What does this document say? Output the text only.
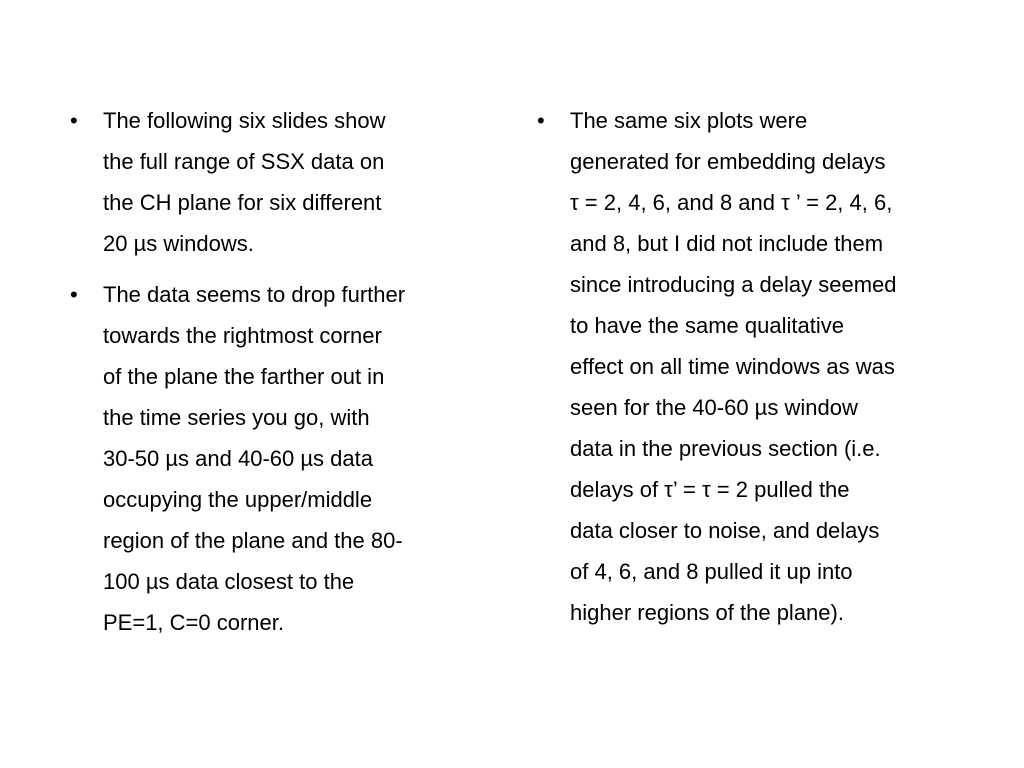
• The following six slides show
the full range of SSX data on
the CH plane for six different
20 µs windows.
• The data seems to drop further
towards the rightmost corner
of the plane the farther out in
the time series you go, with
30-50 µs and 40-60 µs data
occupying the upper/middle
region of the plane and the 80-
100 µs data closest to the
PE=1, C=0 corner.
• The same six plots were
generated for embedding delays
τ = 2, 4, 6, and 8 and τ ’ = 2, 4, 6,
and 8, but I did not include them
since introducing a delay seemed
to have the same qualitative
effect on all time windows as was
seen for the 40-60 µs window
data in the previous section (i.e.
delays of τ’ = τ = 2 pulled the
data closer to noise, and delays
of 4, 6, and 8 pulled it up into
higher regions of the plane).
